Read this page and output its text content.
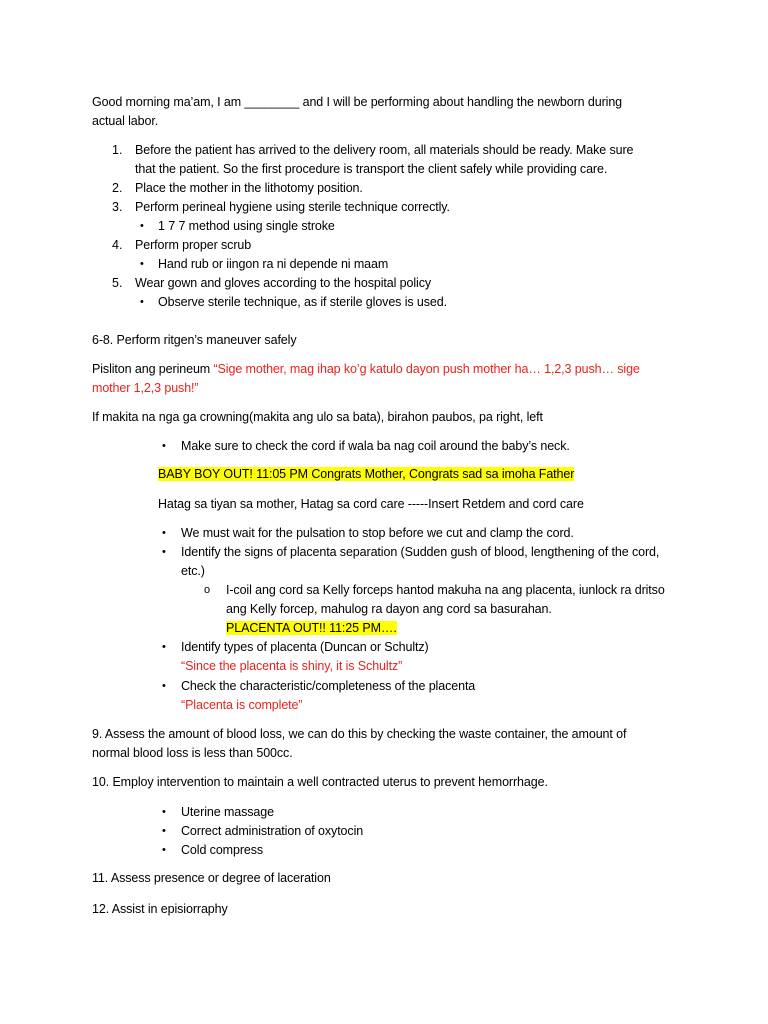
Good morning ma’am, I am ________ and I will be performing about handling the newborn during
actual labor.
1. Before the patient has arrived to the delivery room, all materials should be ready. Make sure
that the patient. So the first procedure is transport the client safely while providing care.
2. Place the mother in the lithotomy position.
3. Perform perineal hygiene using sterile technique correctly.
• 1 7 7 method using single stroke
4. Perform proper scrub
• Hand rub or iingon ra ni depende ni maam
5. Wear gown and gloves according to the hospital policy
• Observe sterile technique, as if sterile gloves is used.
6-8. Perform ritgen’s maneuver safely
Pisliton ang perineum “Sige mother, mag ihap ko’g katulo dayon push mother ha… 1,2,3 push… sige
mother 1,2,3 push!”
If makita na nga ga crowning(makita ang ulo sa bata), birahon paubos, pa right, left
• Make sure to check the cord if wala ba nag coil around the baby’s neck.
BABY BOY OUT! 11:05 PM Congrats Mother, Congrats sad sa imoha Father
Hatag sa tiyan sa mother, Hatag sa cord care -----Insert Retdem and cord care
• We must wait for the pulsation to stop before we cut and clamp the cord.
• Identify the signs of placenta separation (Sudden gush of blood, lengthening of the cord,
etc.)
o I-coil ang cord sa Kelly forceps hantod makuha na ang placenta, iunlock ra dritso
ang Kelly forcep, mahulog ra dayon ang cord sa basurahan.
PLACENTA OUT!! 11:25 PM….
• Identify types of placenta (Duncan or Schultz)
“Since the placenta is shiny, it is Schultz”
• Check the characteristic/completeness of the placenta
“Placenta is complete”
9. Assess the amount of blood loss, we can do this by checking the waste container, the amount of
normal blood loss is less than 500cc.
10. Employ intervention to maintain a well contracted uterus to prevent hemorrhage.
• Uterine massage
• Correct administration of oxytocin
• Cold compress
11. Assess presence or degree of laceration
12. Assist in episiorraphy
